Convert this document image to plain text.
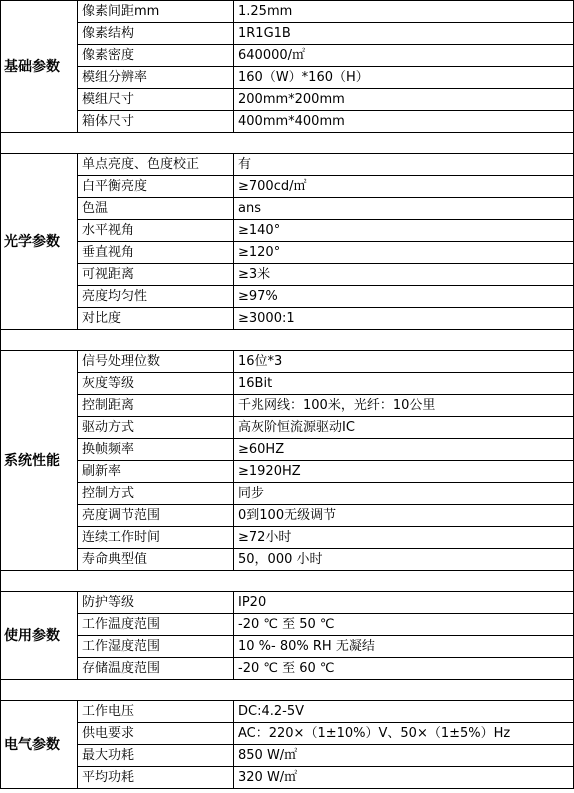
基础参数	像素间距mm	1.25mm
	像素结构	1R1G1B
	像素密度	640000/㎡
	模组分辨率	160（W）*160（H）
	模组尺寸	200mm*200mm
	箱体尺寸	400mm*400mm

光学参数	单点亮度、色度校正	有
	白平衡亮度	≥700cd/㎡
	色温	ans
	水平视角	≥140°
	垂直视角	≥120°
	可视距离	≥3米
	亮度均匀性	≥97%
	对比度	≥3000:1

系统性能	信号处理位数	16位*3
	灰度等级	16Bit
	控制距离	千兆网线：100米，光纤：10公里
	驱动方式	高灰阶恒流源驱动IC
	换帧频率	≥60HZ
	刷新率	≥1920HZ
	控制方式	同步
	亮度调节范围	0到100无级调节
	连续工作时间	≥72小时
	寿命典型值	50，000 小时

使用参数	防护等级	IP20
	工作温度范围	-20 ℃ 至 50 ℃
	工作湿度范围	10 %- 80% RH 无凝结
	存储温度范围	-20 ℃ 至 60 ℃

电气参数	工作电压	DC:4.2-5V
	供电要求	AC：220×（1±10%）V、50×（1±5%）Hz
	最大功耗	850 W/㎡
	平均功耗	320 W/㎡
